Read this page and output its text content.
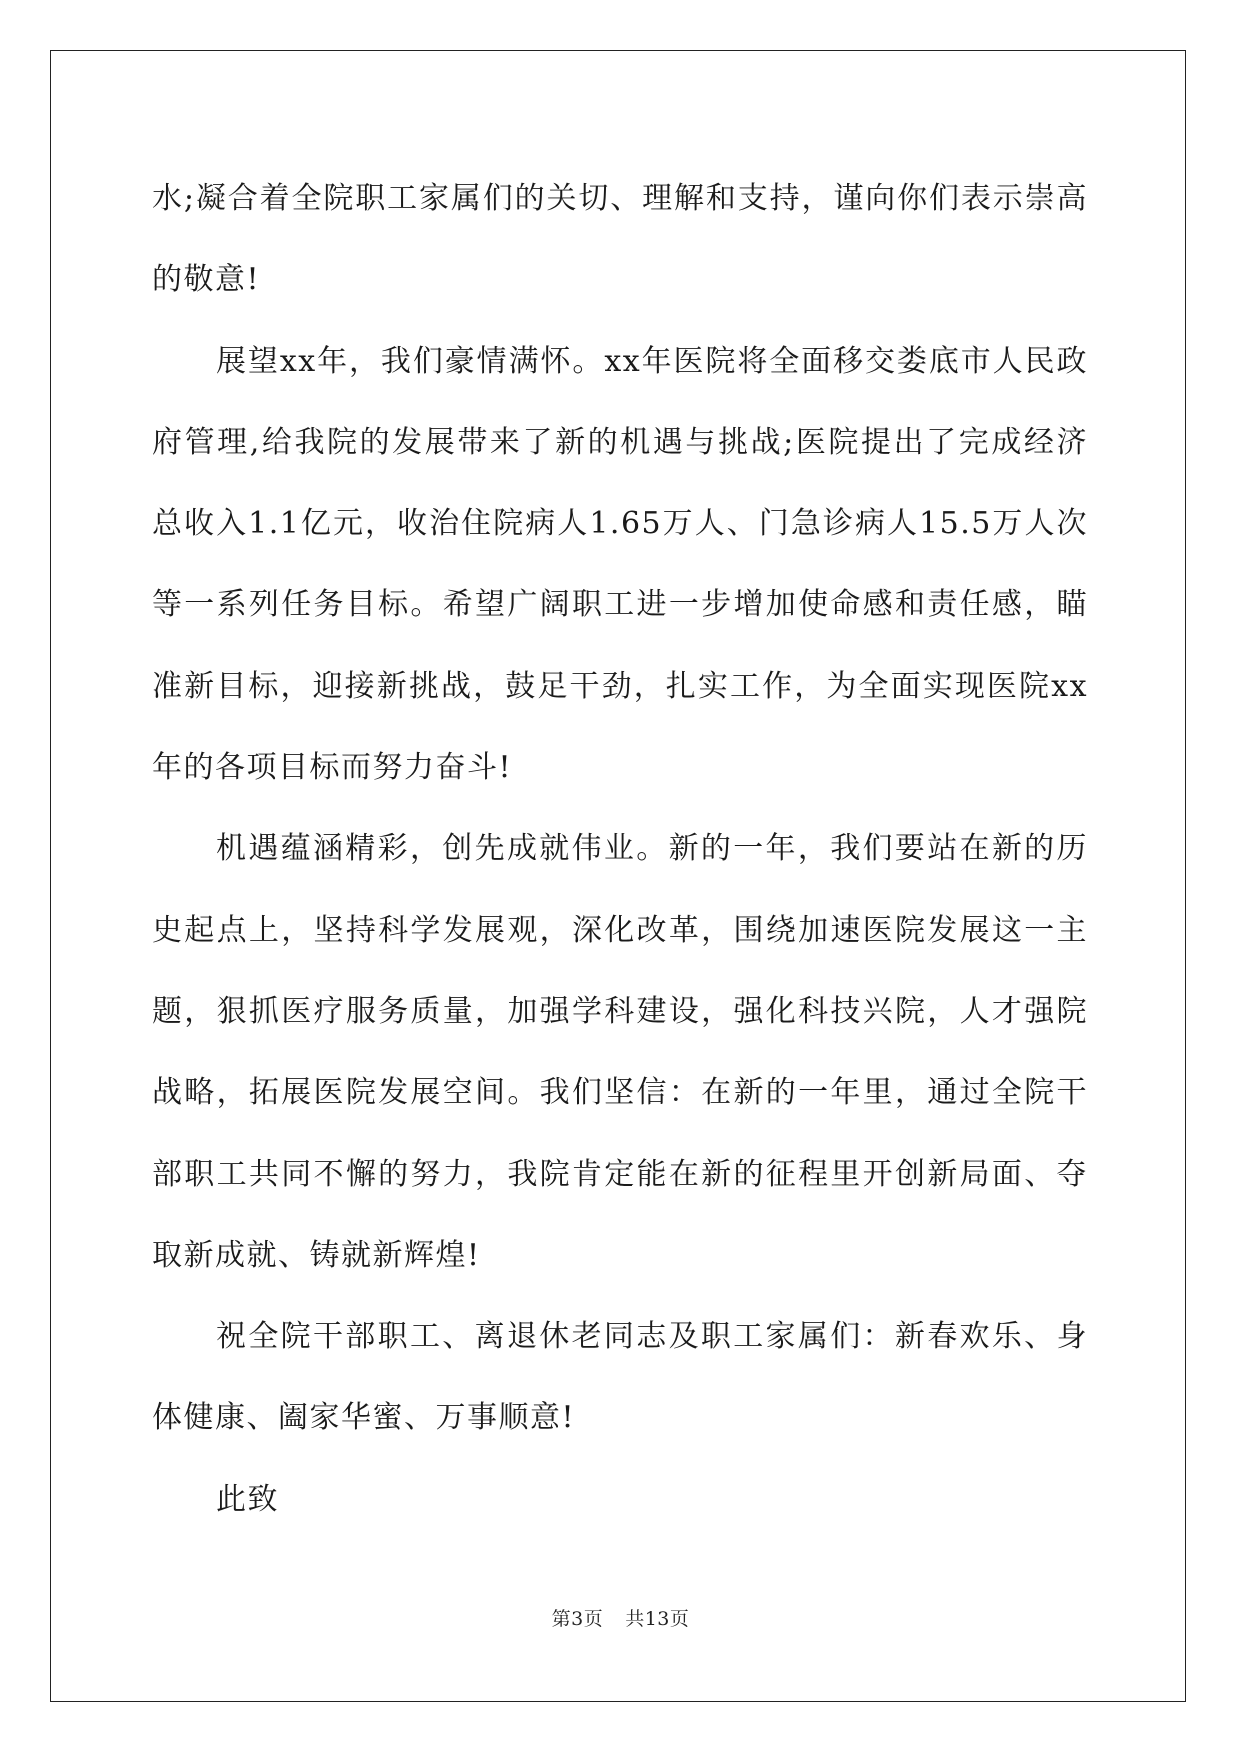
水;凝合着全院职工家属们的关切、理解和支持，谨向你们表示崇高的敬意!

展望xx年，我们豪情满怀。xx年医院将全面移交娄底市人民政府管理,给我院的发展带来了新的机遇与挑战;医院提出了完成经济总收入1.1亿元，收治住院病人1.65万人、门急诊病人15.5万人次等一系列任务目标。希望广阔职工进一步增加使命感和责任感，瞄准新目标，迎接新挑战，鼓足干劲，扎实工作，为全面实现医院xx年的各项目标而努力奋斗!

机遇蕴涵精彩，创先成就伟业。新的一年，我们要站在新的历史起点上，坚持科学发展观，深化改革，围绕加速医院发展这一主题，狠抓医疗服务质量，加强学科建设，强化科技兴院，人才强院战略，拓展医院发展空间。我们坚信：在新的一年里，通过全院干部职工共同不懈的努力，我院肯定能在新的征程里开创新局面、夺取新成就、铸就新辉煌!

祝全院干部职工、离退休老同志及职工家属们：新春欢乐、身体健康、阖家华蜜、万事顺意!

此致

第3页 共13页
